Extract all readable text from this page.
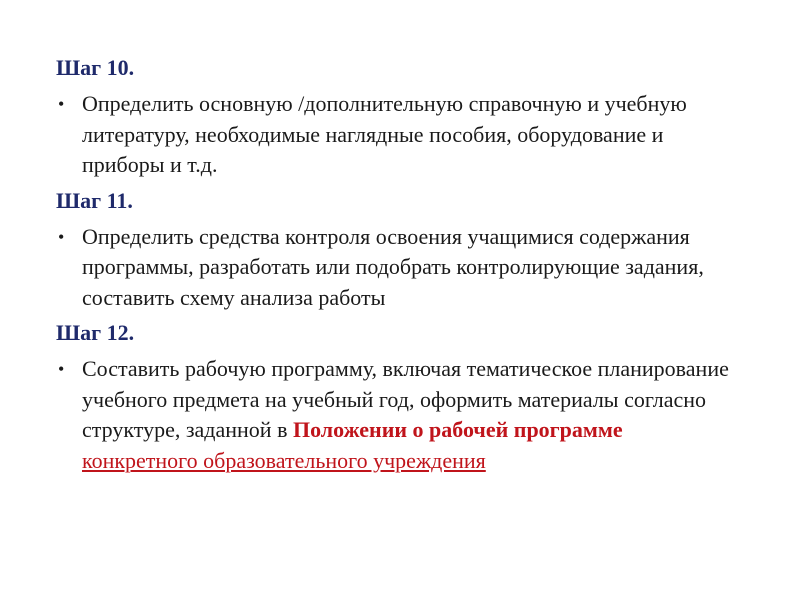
Шаг 10.

• Определить основную /дополнительную справочную и учебную литературу, необходимые наглядные пособия, оборудование и приборы и т.д.

Шаг 11.

• Определить средства контроля освоения учащимися содержания программы, разработать или подобрать контролирующие задания, составить схему анализа работы

Шаг 12.

• Составить рабочую программу, включая тематическое планирование учебного предмета на учебный год, оформить материалы согласно структуре, заданной в Положении о рабочей программе конкретного образовательного учреждения
